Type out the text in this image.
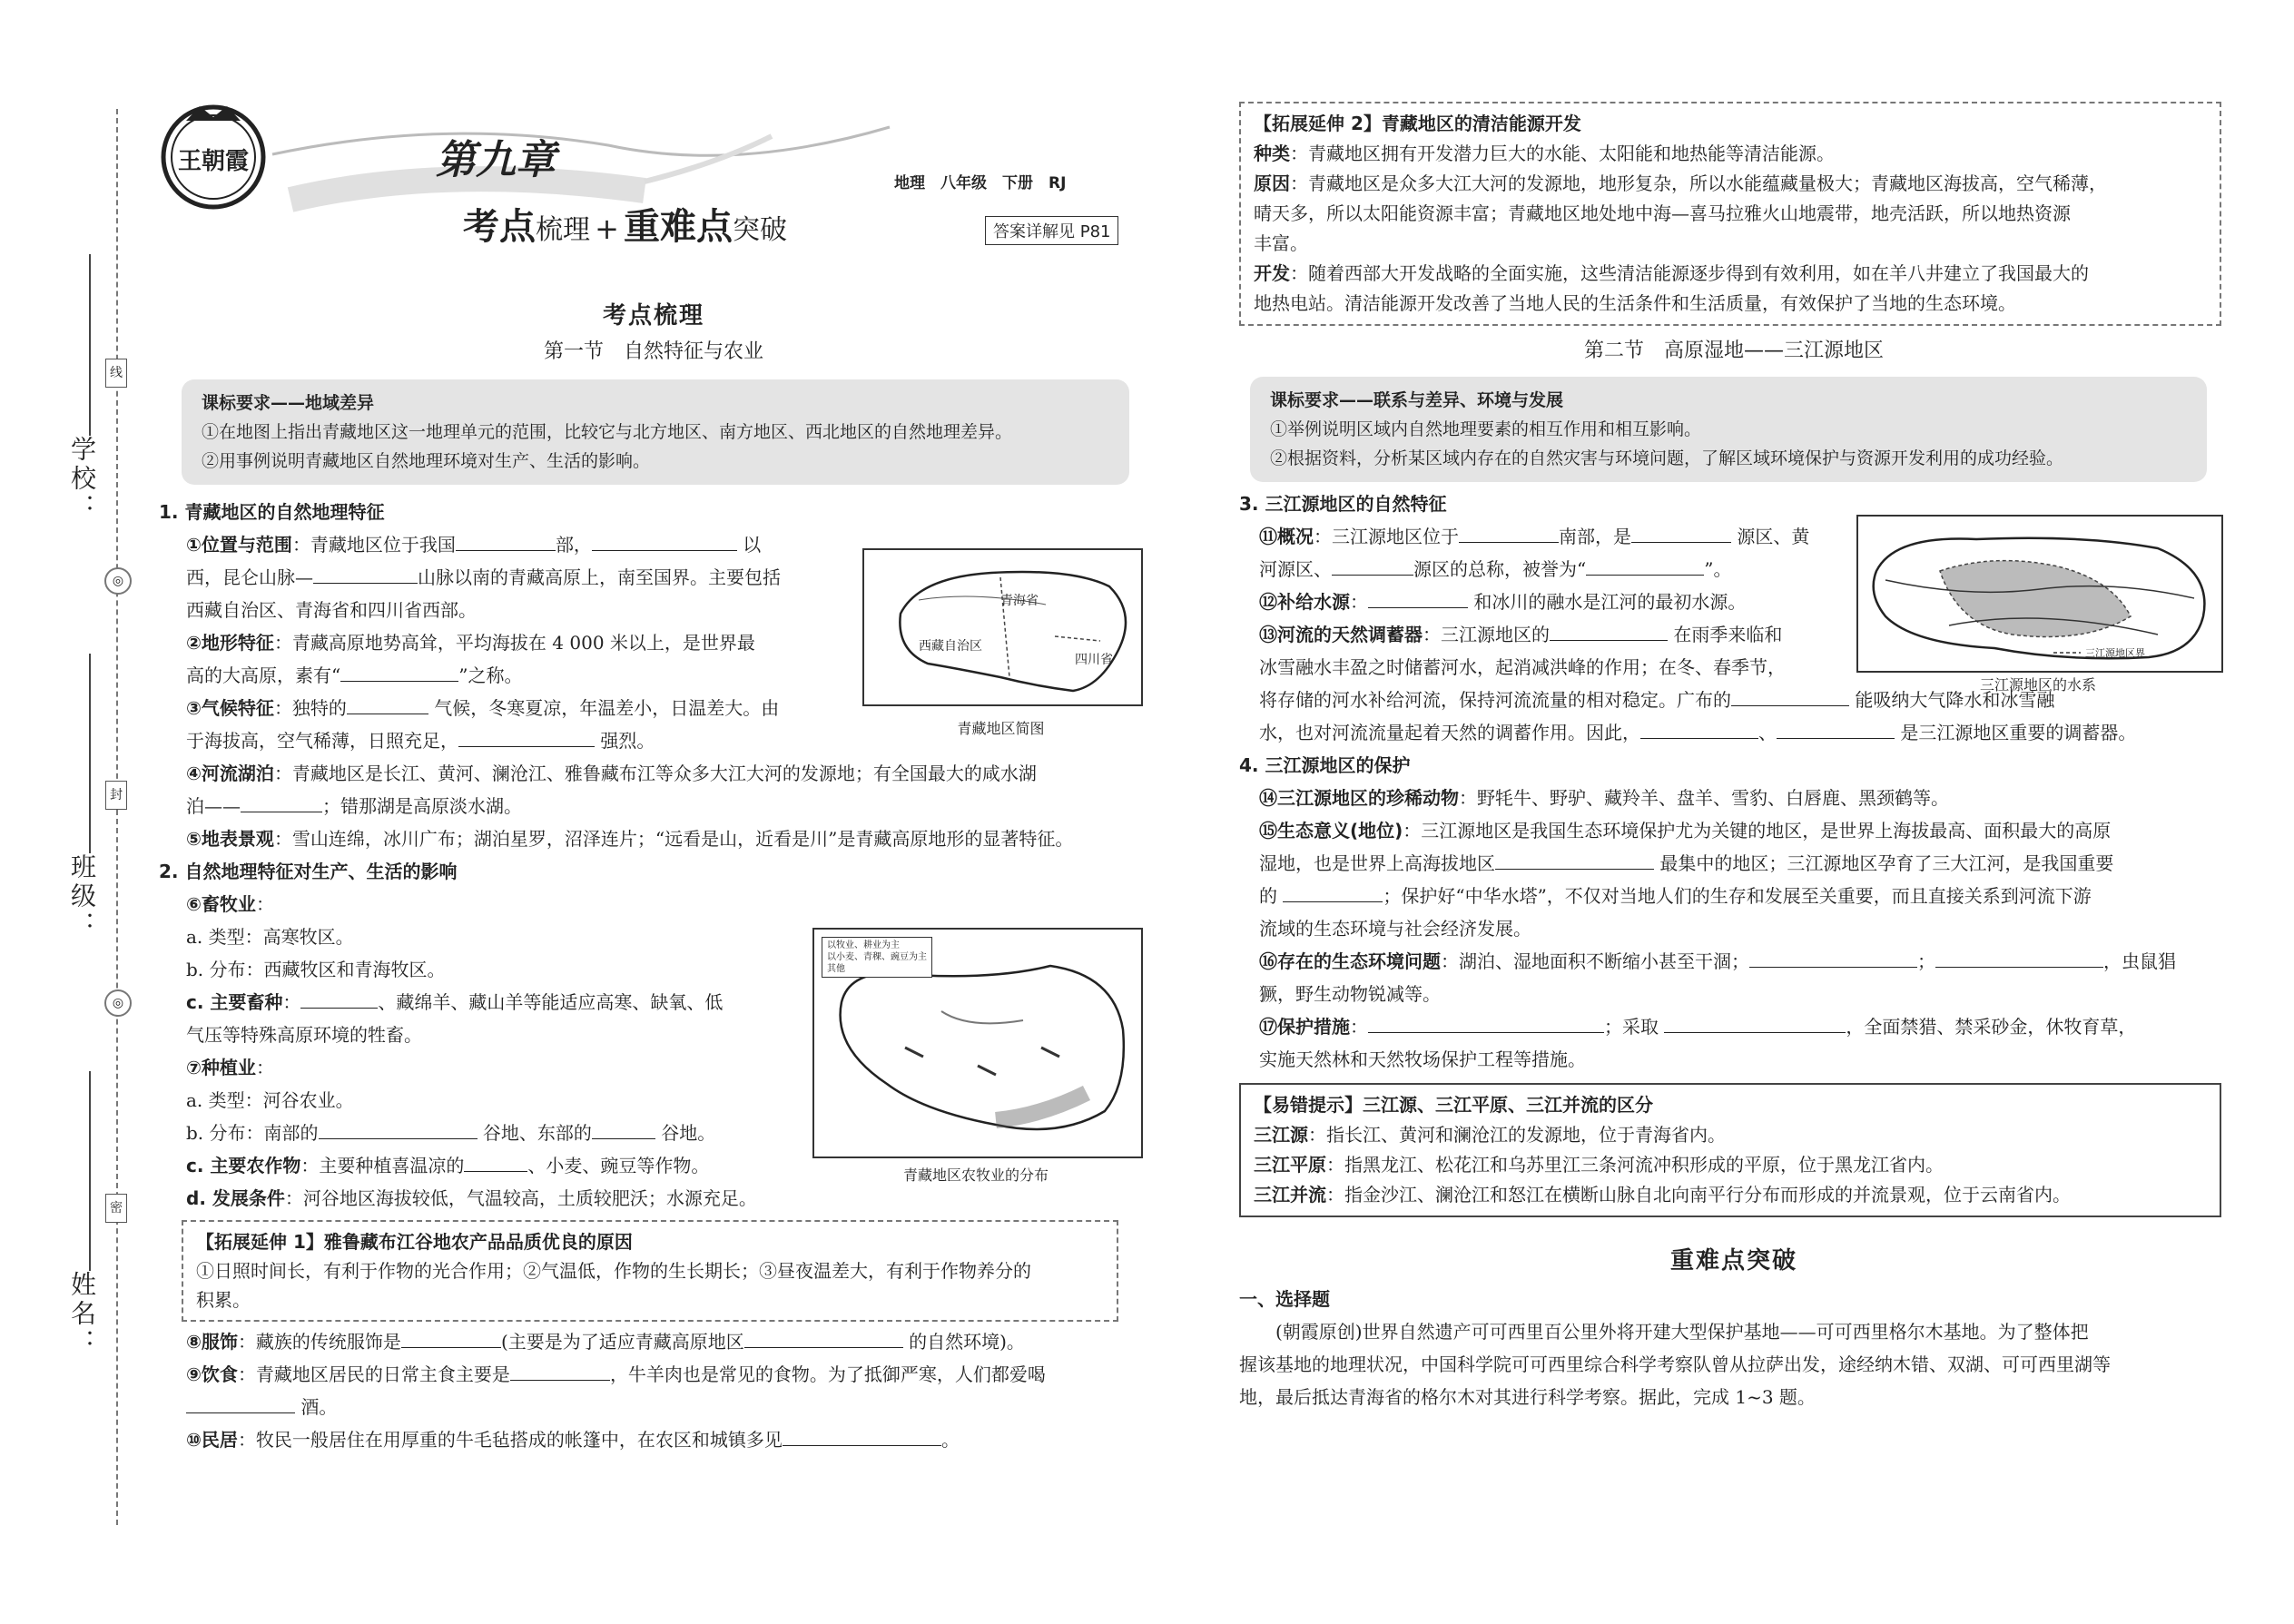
学校：
班级：
姓名：
线
◎
封
◎
密
王朝霞	第九章
考点梳理 + 重难点突破
地理　八年级　下册　RJ
答案详解见 P81
考点梳理
第一节　自然特征与农业

课标要求——地域差异

①在地图上指出青藏地区这一地理单元的范围，比较它与北方地区、南方地区、西北地区的自然地理差异。

②用事例说明青藏地区自然地理环境对生产、生活的影响。

1. 青藏地区的自然地理特征

①位置与范围：青藏地区位于我国	部，	以

西，昆仑山脉—	山脉以南的青藏高原上，南至国界。主要包括

西藏自治区、青海省和四川省西部。

②地形特征：青藏高原地势高耸，平均海拔在 4 000 米以上，是世界最

高的大高原，素有“	”之称。

③气候特征：独特的	气候，冬寒夏凉，年温差小，日温差大。由

于海拔高，空气稀薄，日照充足，	强烈。

④河流湖泊：青藏地区是长江、黄河、澜沧江、雅鲁藏布江等众多大江大河的发源地；有全国最大的咸水湖

泊——	；错那湖是高原淡水湖。

⑤地表景观：雪山连绵，冰川广布；湖泊星罗，沼泽连片；“远看是山，近看是川”是青藏高原地形的显著特征。

2. 自然地理特征对生产、生活的影响

⑥畜牧业：

a. 类型：高寒牧区。

b. 分布：西藏牧区和青海牧区。

c. 主要畜种：	、藏绵羊、藏山羊等能适应高寒、缺氧、低

气压等特殊高原环境的牲畜。

⑦种植业：

a. 类型：河谷农业。

b. 分布：南部的	谷地、东部的	谷地。

c. 主要农作物：主要种植喜温凉的	、小麦、豌豆等作物。

d. 发展条件：河谷地区海拔较低，气温较高，土质较肥沃；水源充足。

【拓展延伸 1】雅鲁藏布江谷地农产品品质优良的原因

①日照时间长，有利于作物的光合作用；②气温低，作物的生长期长；③昼夜温差大，有利于作物养分的

积累。

⑧服饰：藏族的传统服饰是	(主要是为了适应青藏高原地区	的自然环境)。

⑨饮食：青藏地区居民的日常主食主要是	，牛羊肉也是常见的食物。为了抵御严寒，人们都爱喝

酒。

⑩民居：牧民一般居住在用厚重的牛毛毡搭成的帐篷中，在农区和城镇多见	。

青海省
西藏自治区
四川省
青藏地区简图
以牧业、耕业为主
以小麦、青稞、豌豆为主
其他
青藏地区农牧业的分布

【拓展延伸 2】青藏地区的清洁能源开发

种类：青藏地区拥有开发潜力巨大的水能、太阳能和地热能等清洁能源。

原因：青藏地区是众多大江大河的发源地，地形复杂，所以水能蕴藏量极大；青藏地区海拔高，空气稀薄，

晴天多，所以太阳能资源丰富；青藏地区地处地中海—喜马拉雅火山地震带，地壳活跃，所以地热资源

丰富。

开发：随着西部大开发战略的全面实施，这些清洁能源逐步得到有效利用，如在羊八井建立了我国最大的

地热电站。清洁能源开发改善了当地人民的生活条件和生活质量，有效保护了当地的生态环境。

第二节　高原湿地——三江源地区

课标要求——联系与差异、环境与发展

①举例说明区域内自然地理要素的相互作用和相互影响。

②根据资料，分析某区域内存在的自然灾害与环境问题，了解区域环境保护与资源开发利用的成功经验。

3. 三江源地区的自然特征

⑪概况：三江源地区位于	南部，是	源区、黄

河源区、	源区的总称，被誉为“	”。

⑫补给水源：	和冰川的融水是江河的最初水源。

⑬河流的天然调蓄器：三江源地区的	在雨季来临和

冰雪融水丰盈之时储蓄河水，起消减洪峰的作用；在冬、春季节，

将存储的河水补给河流，保持河流流量的相对稳定。广布的	能吸纳大气降水和冰雪融

水，也对河流流量起着天然的调蓄作用。因此，	、	是三江源地区重要的调蓄器。

4. 三江源地区的保护

⑭三江源地区的珍稀动物：野牦牛、野驴、藏羚羊、盘羊、雪豹、白唇鹿、黑颈鹤等。

⑮生态意义(地位)：三江源地区是我国生态环境保护尤为关键的地区，是世界上海拔最高、面积最大的高原

湿地，也是世界上高海拔地区	最集中的地区；三江源地区孕育了三大江河，是我国重要

的	；保护好“中华水塔”，不仅对当地人们的生存和发展至关重要，而且直接关系到河流下游

流域的生态环境与社会经济发展。

⑯存在的生态环境问题：湖泊、湿地面积不断缩小甚至干涸；	；	，虫鼠猖

獗，野生动物锐减等。

⑰保护措施：	；采取	，全面禁猎、禁采砂金，休牧育草，

实施天然林和天然牧场保护工程等措施。

【易错提示】三江源、三江平原、三江并流的区分

三江源：指长江、黄河和澜沧江的发源地，位于青海省内。

三江平原：指黑龙江、松花江和乌苏里江三条河流冲积形成的平原，位于黑龙江省内。

三江并流：指金沙江、澜沧江和怒江在横断山脉自北向南平行分布而形成的并流景观，位于云南省内。

重难点突破

一、选择题

(朝霞原创)世界自然遗产可可西里百公里外将开建大型保护基地——可可西里格尔木基地。为了整体把

握该基地的地理状况，中国科学院可可西里综合科学考察队曾从拉萨出发，途经纳木错、双湖、可可西里湖等

地，最后抵达青海省的格尔木对其进行科学考察。据此，完成 1~3 题。

三江源地区界
三江源地区的水系
